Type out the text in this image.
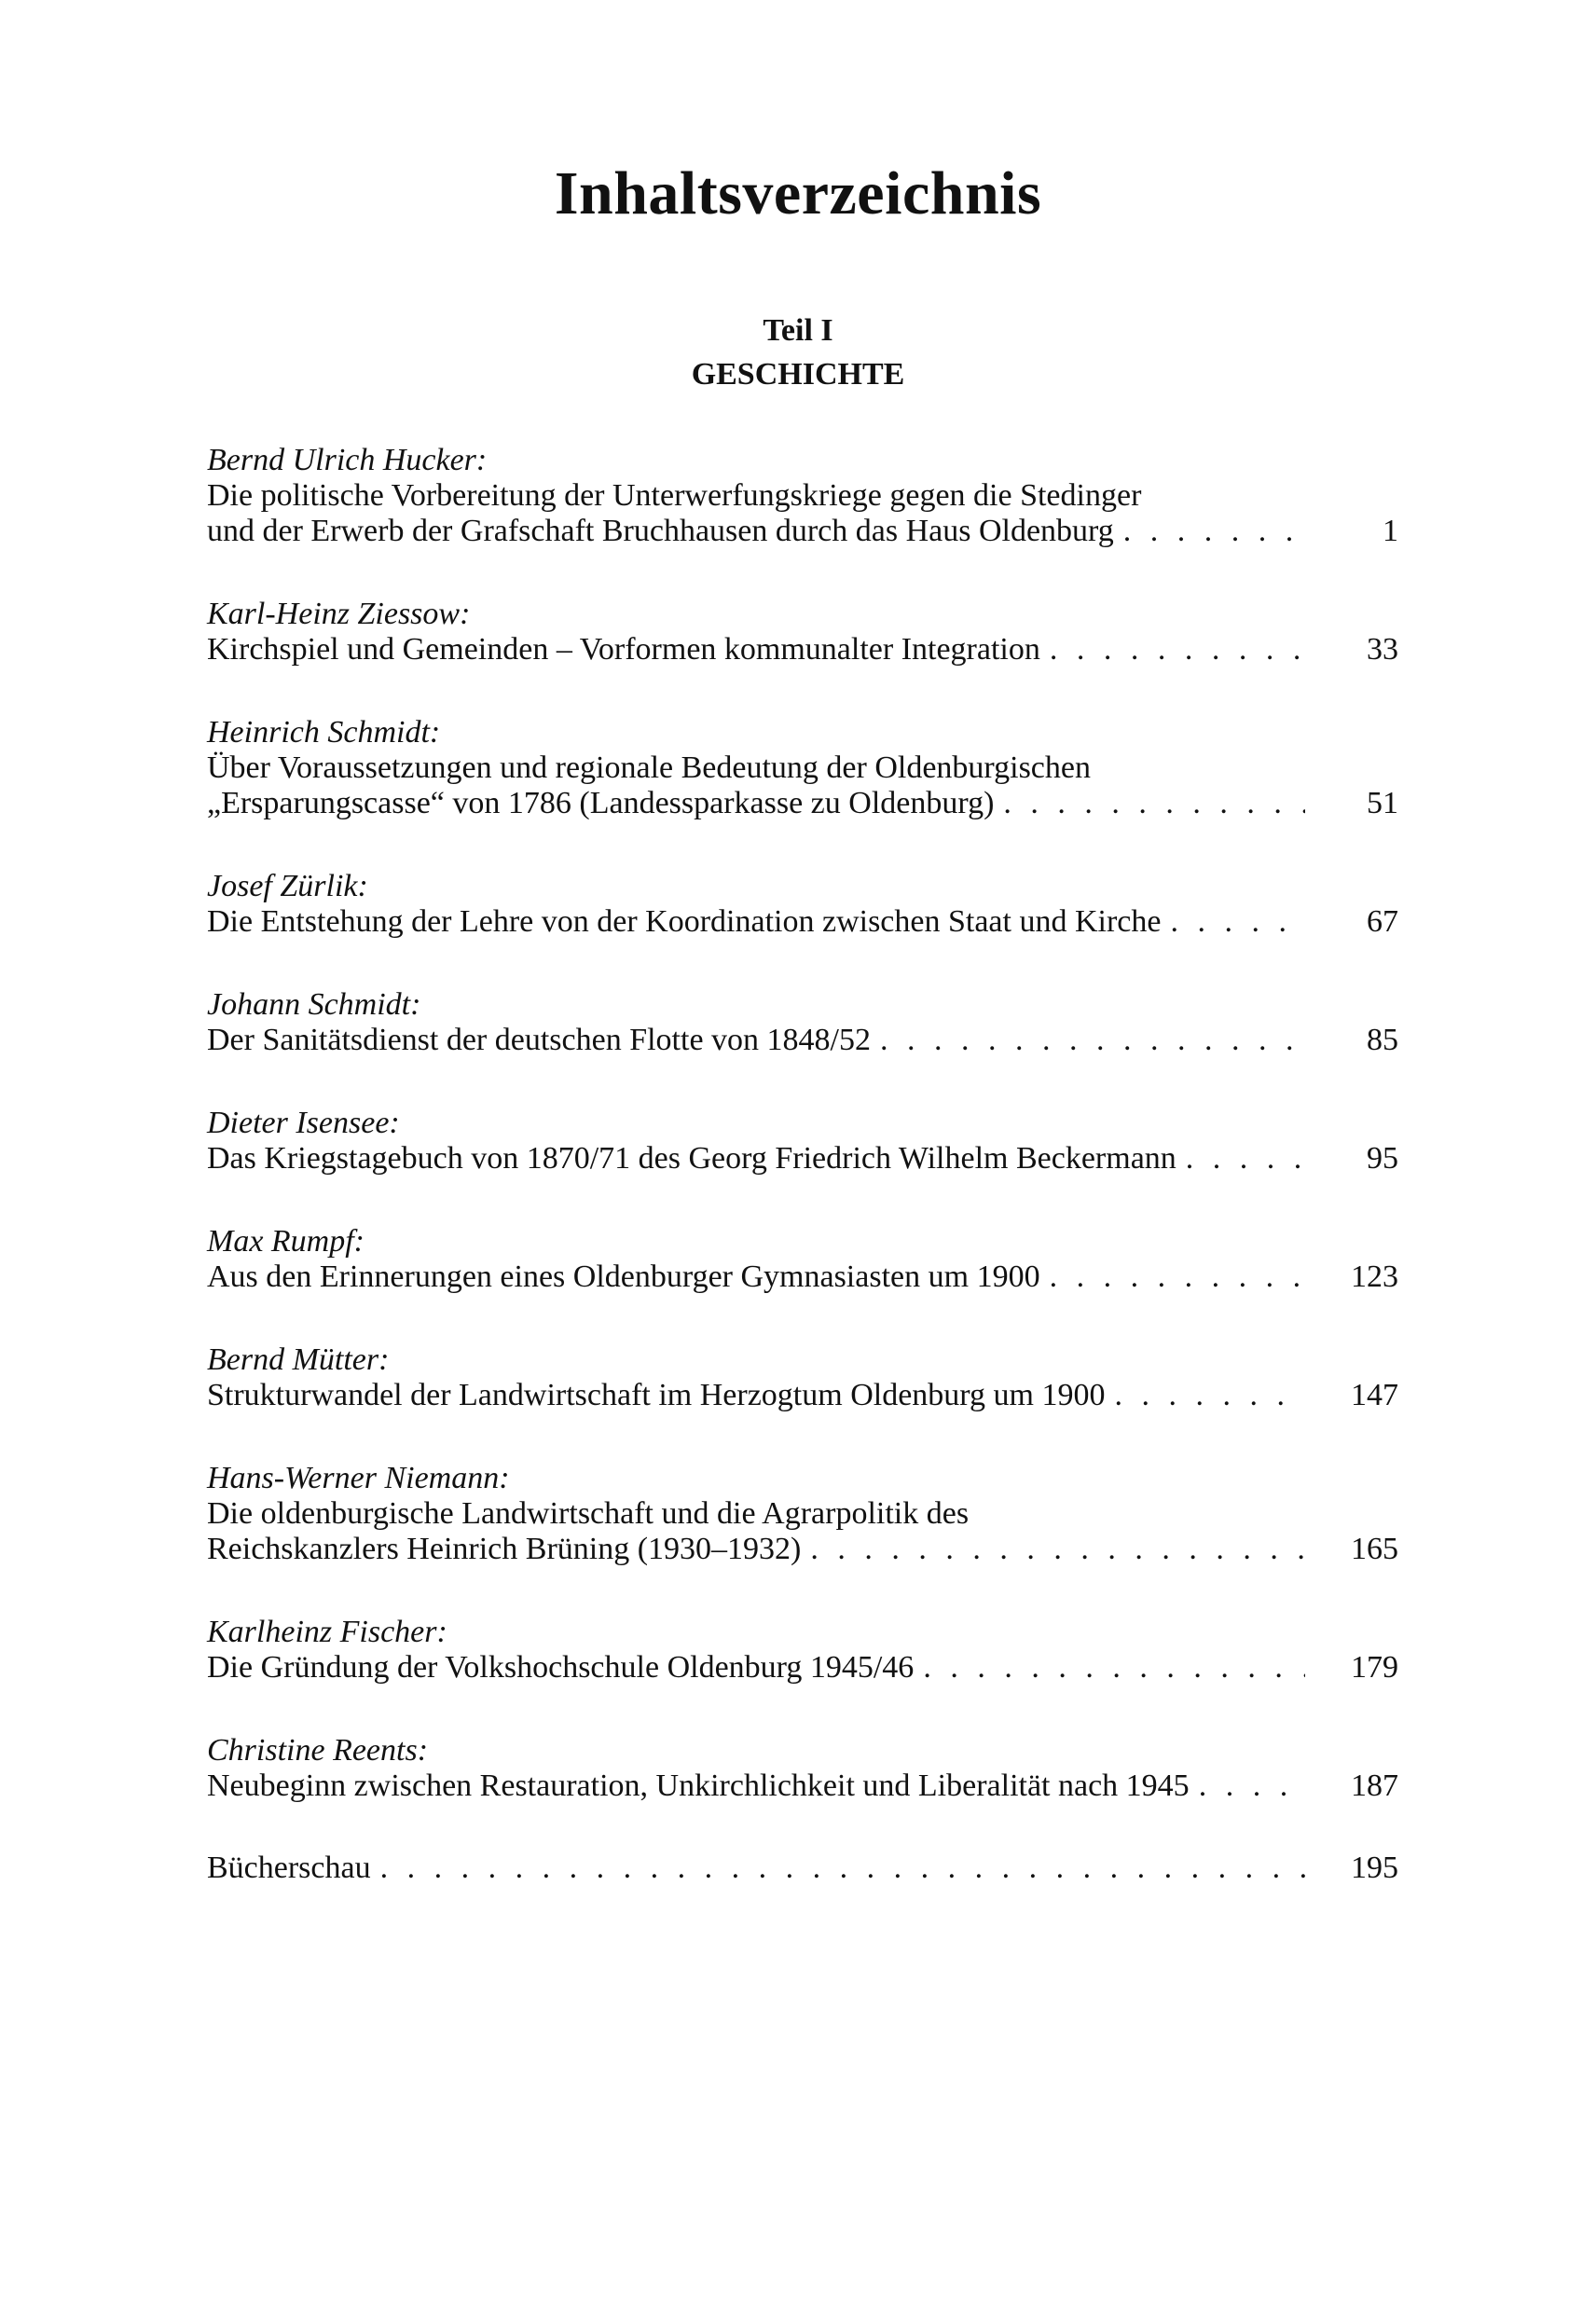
Inhaltsverzeichnis
Teil I
GESCHICHTE
Bernd Ulrich Hucker:
Die politische Vorbereitung der Unterwerfungskriege gegen die Stedinger
und der Erwerb der Grafschaft Bruchhausen durch das Haus Oldenburg . . .	1
Karl-Heinz Ziessow:
Kirchspiel und Gemeinden – Vorformen kommunalter Integration . . .	33
Heinrich Schmidt:
Über Voraussetzungen und regionale Bedeutung der Oldenburgischen
„Ersparungscasse“ von 1786 (Landessparkasse zu Oldenburg) . . .	51
Josef Zürlik:
Die Entstehung der Lehre von der Koordination zwischen Staat und Kirche . . .	67
Johann Schmidt:
Der Sanitätsdienst der deutschen Flotte von 1848/52 . . .	85
Dieter Isensee:
Das Kriegstagebuch von 1870/71 des Georg Friedrich Wilhelm Beckermann . . .	95
Max Rumpf:
Aus den Erinnerungen eines Oldenburger Gymnasiasten um 1900 . . .	123
Bernd Mütter:
Strukturwandel der Landwirtschaft im Herzogtum Oldenburg um 1900 . . .	147
Hans-Werner Niemann:
Die oldenburgische Landwirtschaft und die Agrarpolitik des
Reichskanzlers Heinrich Brüning (1930–1932) . . .	165
Karlheinz Fischer:
Die Gründung der Volkshochschule Oldenburg 1945/46 . . .	179
Christine Reents:
Neubeginn zwischen Restauration, Unkirchlichkeit und Liberalität nach 1945 . . .	187
Bücherschau . . .	195
